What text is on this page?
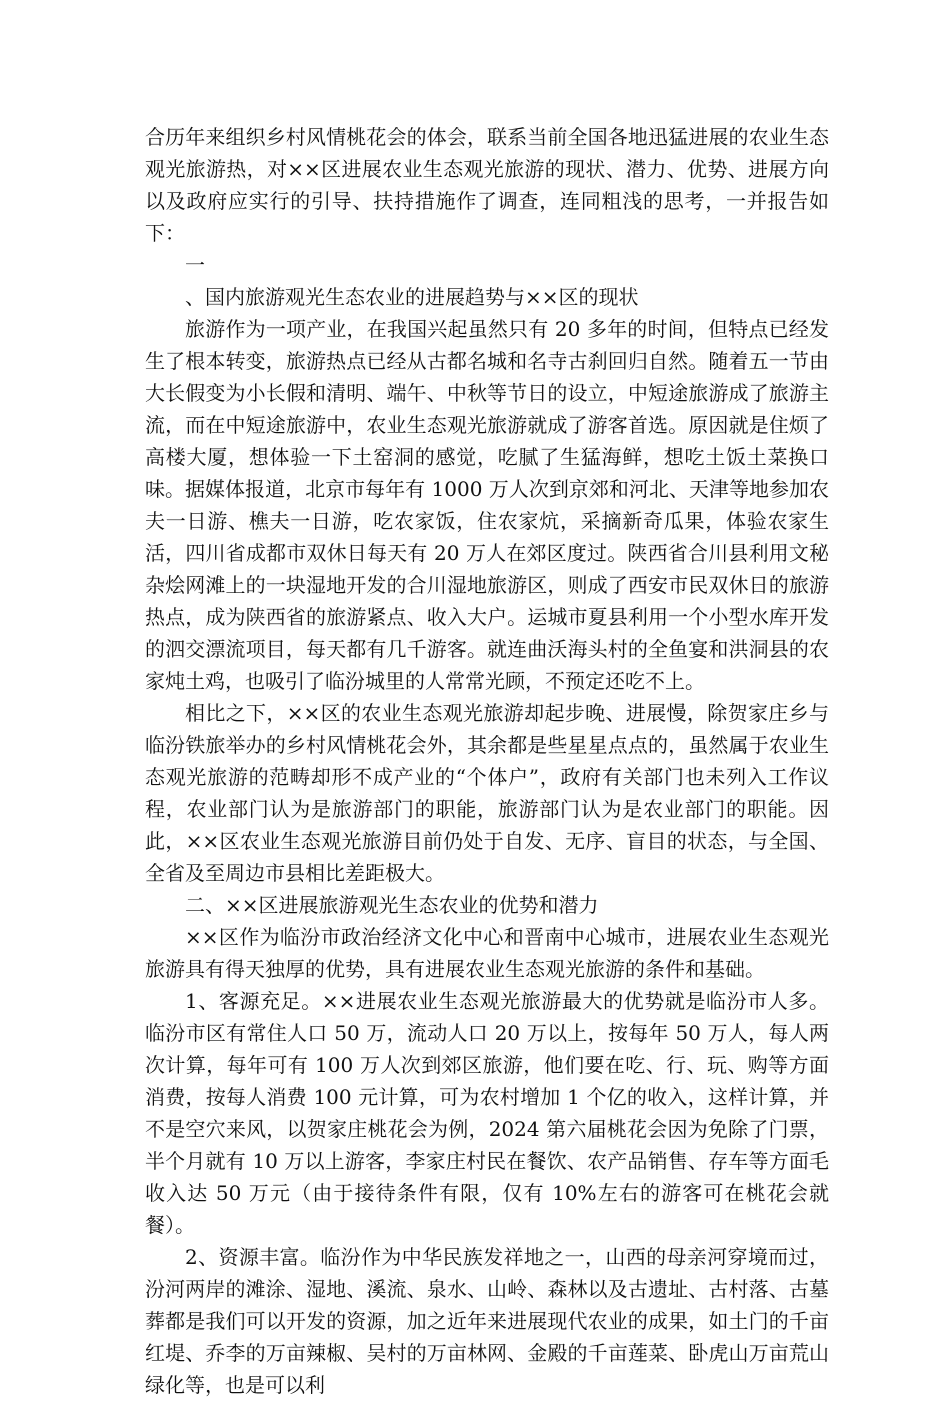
合历年来组织乡村风情桃花会的体会，联系当前全国各地迅猛进展的农业生态观光旅游热，对××区进展农业生态观光旅游的现状、潜力、优势、进展方向以及政府应实行的引导、扶持措施作了调查，连同粗浅的思考，一并报告如下：

一

、国内旅游观光生态农业的进展趋势与××区的现状

旅游作为一项产业，在我国兴起虽然只有 20 多年的时间，但特点已经发生了根本转变，旅游热点已经从古都名城和名寺古刹回归自然。随着五一节由大长假变为小长假和清明、端午、中秋等节日的设立，中短途旅游成了旅游主流，而在中短途旅游中，农业生态观光旅游就成了游客首选。原因就是住烦了高楼大厦，想体验一下土窑洞的感觉，吃腻了生猛海鲜，想吃土饭土菜换口味。据媒体报道，北京市每年有 1000 万人次到京郊和河北、天津等地参加农夫一日游、樵夫一日游，吃农家饭，住农家炕，采摘新奇瓜果，体验农家生活，四川省成都市双休日每天有 20 万人在郊区度过。陕西省合川县利用文秘杂烩网滩上的一块湿地开发的合川湿地旅游区，则成了西安市民双休日的旅游热点，成为陕西省的旅游紧点、收入大户。运城市夏县利用一个小型水库开发的泗交漂流项目，每天都有几千游客。就连曲沃海头村的全鱼宴和洪洞县的农家炖土鸡，也吸引了临汾城里的人常常光顾，不预定还吃不上。

相比之下，××区的农业生态观光旅游却起步晚、进展慢，除贺家庄乡与临汾铁旅举办的乡村风情桃花会外，其余都是些星星点点的，虽然属于农业生态观光旅游的范畴却形不成产业的“个体户”，政府有关部门也未列入工作议程，农业部门认为是旅游部门的职能，旅游部门认为是农业部门的职能。因此，××区农业生态观光旅游目前仍处于自发、无序、盲目的状态，与全国、全省及至周边市县相比差距极大。

二、××区进展旅游观光生态农业的优势和潜力

××区作为临汾市政治经济文化中心和晋南中心城市，进展农业生态观光旅游具有得天独厚的优势，具有进展农业生态观光旅游的条件和基础。

1、客源充足。××进展农业生态观光旅游最大的优势就是临汾市人多。临汾市区有常住人口 50 万，流动人口 20 万以上，按每年 50 万人，每人两次计算，每年可有 100 万人次到郊区旅游，他们要在吃、行、玩、购等方面消费，按每人消费 100 元计算，可为农村增加 1 个亿的收入，这样计算，并不是空穴来风，以贺家庄桃花会为例，2024 第六届桃花会因为免除了门票，半个月就有 10 万以上游客，李家庄村民在餐饮、农产品销售、存车等方面毛收入达 50 万元（由于接待条件有限，仅有 10%左右的游客可在桃花会就餐）。

2、资源丰富。临汾作为中华民族发祥地之一，山西的母亲河穿境而过，汾河两岸的滩涂、湿地、溪流、泉水、山岭、森林以及古遗址、古村落、古墓葬都是我们可以开发的资源，加之近年来进展现代农业的成果，如土门的千亩红堤、乔李的万亩辣椒、吴村的万亩林网、金殿的千亩莲菜、卧虎山万亩荒山绿化等，也是可以利
